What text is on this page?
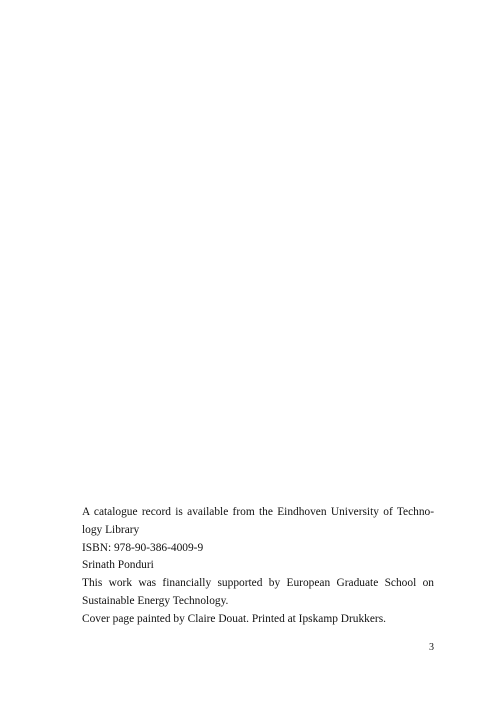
A catalogue record is available from the Eindhoven University of Techno-

logy Library

ISBN: 978-90-386-4009-9

Srinath Ponduri

This work was financially supported by European Graduate School on

Sustainable Energy Technology.

Cover page painted by Claire Douat. Printed at Ipskamp Drukkers.

3
